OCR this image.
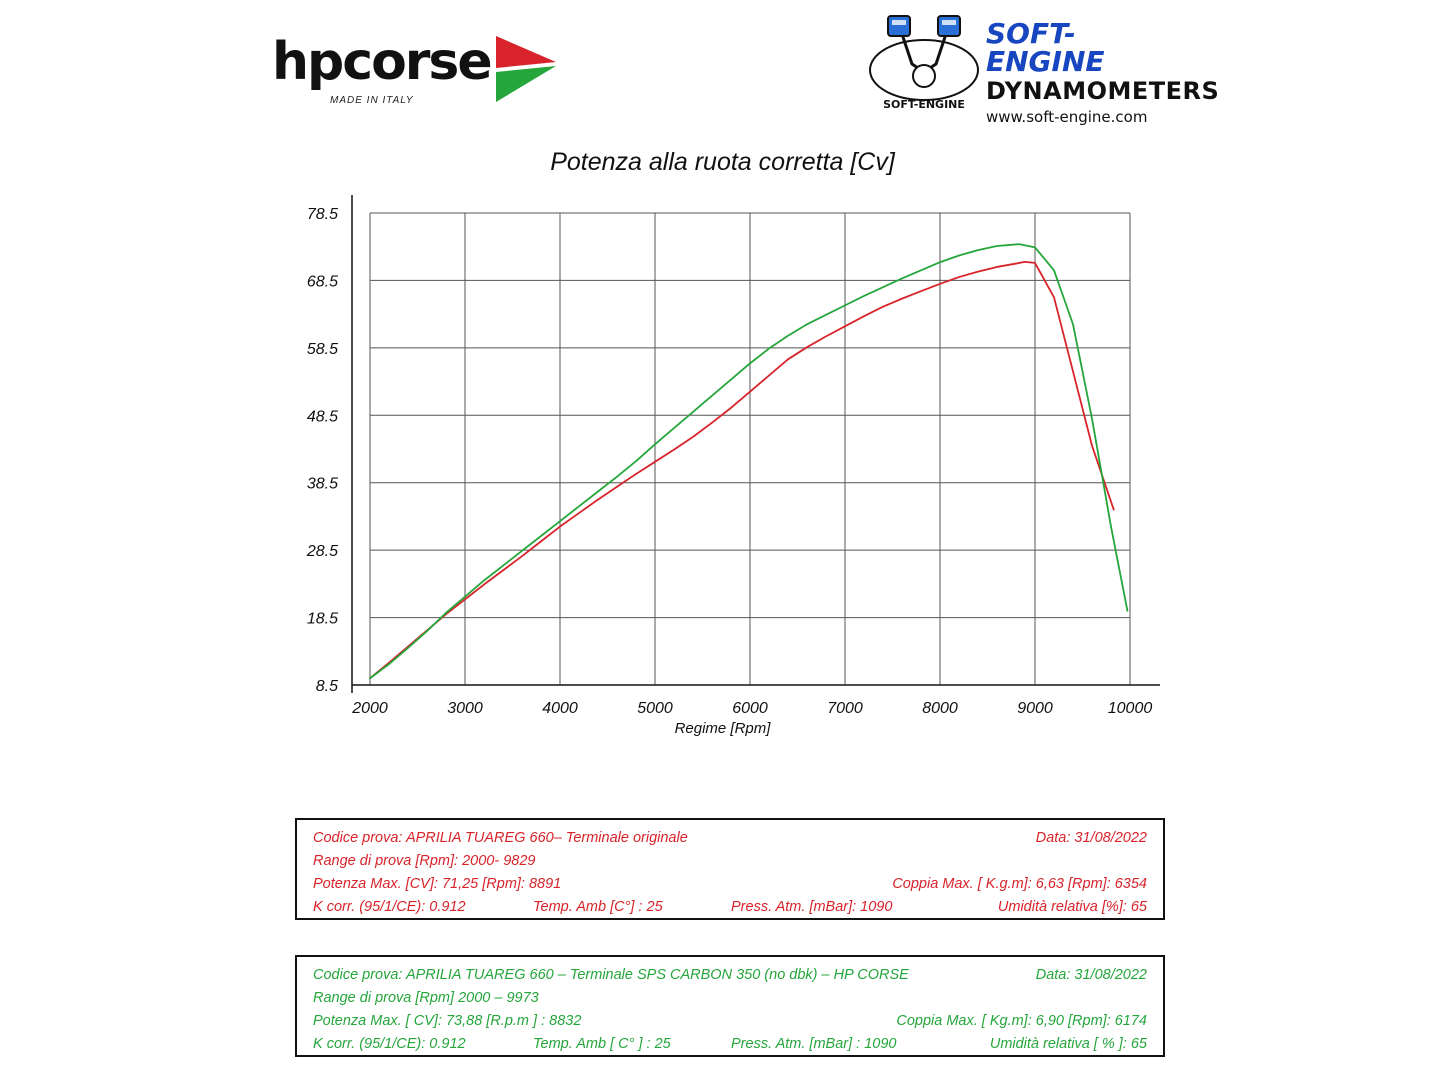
hpcorse
MADE IN ITALY	SOFT-ENGINE
SOFT-ENGINE
DYNAMOMETERS
www.soft-engine.com
Potenza alla ruota corretta [Cv]
2000	3000	4000	5000	6000	7000	8000	9000	10000
8.5
18.5
28.5
38.5
48.5
58.5
68.5
78.5
Regime [Rpm]
Codice prova: APRILIA TUAREG 660– Terminale originale	Data: 31/08/2022
Range di prova [Rpm]: 2000- 9829
Potenza Max. [CV]: 71,25 [Rpm]: 8891	Coppia Max. [ K.g.m]: 6,63 [Rpm]: 6354
K corr. (95/1/CE): 0.912	Temp. Amb [C°] : 25	Press. Atm. [mBar]: 1090	Umidità relativa [%]: 65
Codice prova: APRILIA TUAREG 660 – Terminale SPS CARBON 350 (no dbk) – HP CORSE	Data: 31/08/2022
Range di prova [Rpm] 2000 – 9973
Potenza Max. [ CV]: 73,88 [R.p.m ] : 8832	Coppia Max. [ Kg.m]: 6,90 [Rpm]: 6174
K corr. (95/1/CE): 0.912	Temp. Amb [ C° ] : 25	Press. Atm. [mBar] : 1090	Umidità relativa [ % ]: 65
